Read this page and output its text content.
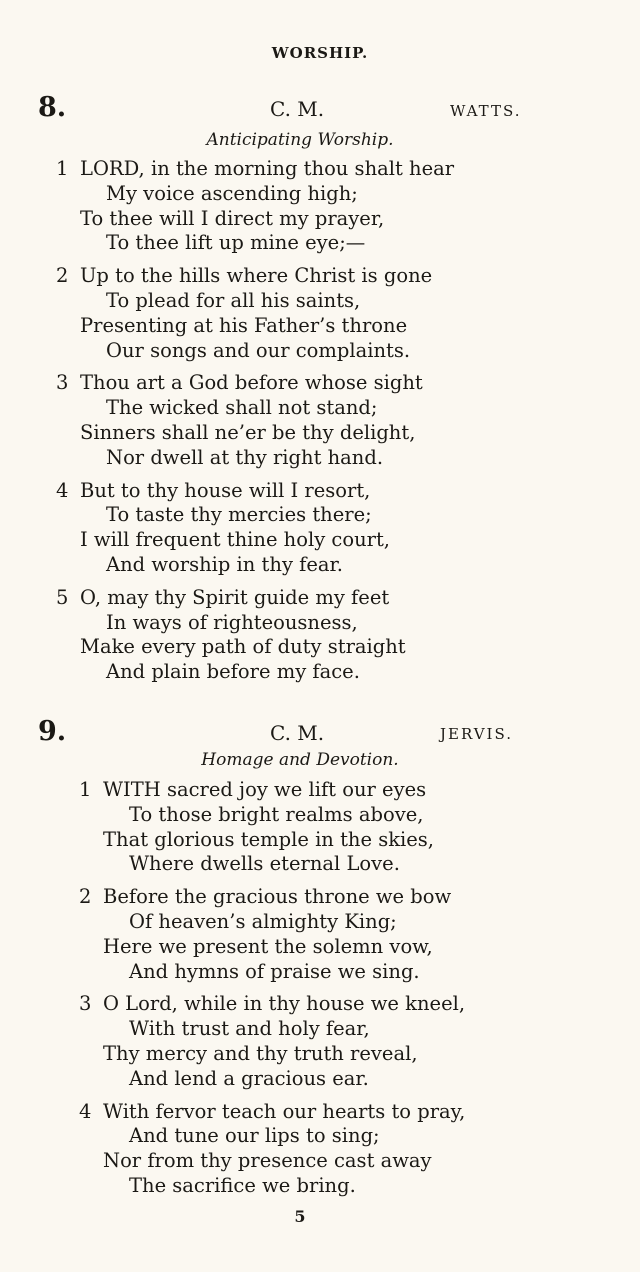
WORSHIP.
8.	C. M.	WATTS.
Anticipating Worship.
1 LORD, in the morning thou shalt hear
My voice ascending high;
To thee will I direct my prayer,
To thee lift up mine eye;—
2 Up to the hills where Christ is gone
To plead for all his saints,
Presenting at his Father’s throne
Our songs and our complaints.
3 Thou art a God before whose sight
The wicked shall not stand;
Sinners shall ne’er be thy delight,
Nor dwell at thy right hand.
4 But to thy house will I resort,
To taste thy mercies there;
I will frequent thine holy court,
And worship in thy fear.
5 O, may thy Spirit guide my feet
In ways of righteousness,
Make every path of duty straight
And plain before my face.
9.	C. M.	JERVIS.
Homage and Devotion.
1 WITH sacred joy we lift our eyes
To those bright realms above,
That glorious temple in the skies,
Where dwells eternal Love.
2 Before the gracious throne we bow
Of heaven’s almighty King;
Here we present the solemn vow,
And hymns of praise we sing.
3 O Lord, while in thy house we kneel,
With trust and holy fear,
Thy mercy and thy truth reveal,
And lend a gracious ear.
4 With fervor teach our hearts to pray,
And tune our lips to sing;
Nor from thy presence cast away
The sacrifice we bring.
5
